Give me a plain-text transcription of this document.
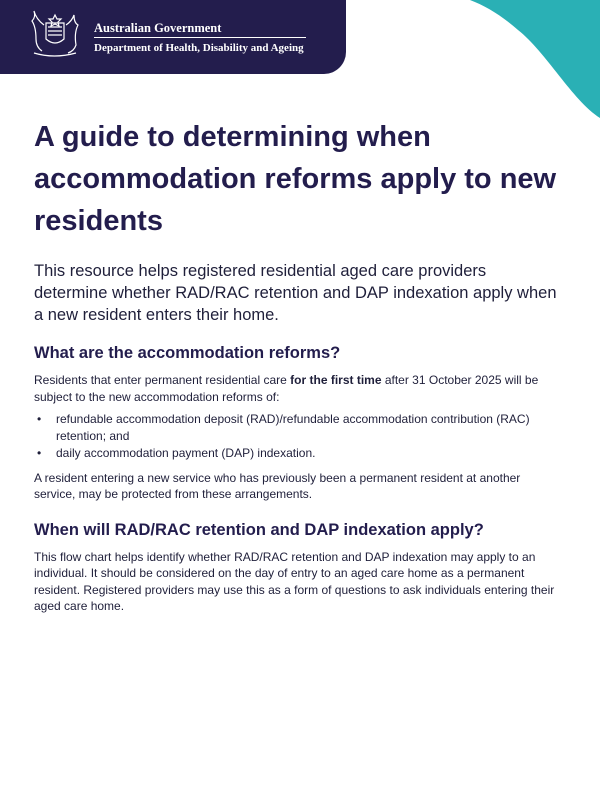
Australian Government
Department of Health, Disability and Ageing
A guide to determining when accommodation reforms apply to new residents

This resource helps registered residential aged care providers determine whether RAD/RAC retention and DAP indexation apply when a new resident enters their home.

What are the accommodation reforms?

Residents that enter permanent residential care for the first time after 31 October 2025 will be subject to the new accommodation reforms of:

• refundable accommodation deposit (RAD)/refundable accommodation contribution (RAC) retention; and
• daily accommodation payment (DAP) indexation.

A resident entering a new service who has previously been a permanent resident at another service, may be protected from these arrangements.

When will RAD/RAC retention and DAP indexation apply?

This flow chart helps identify whether RAD/RAC retention and DAP indexation may apply to an individual. It should be considered on the day of entry to an aged care home as a permanent resident. Registered providers may use this as a form of questions to ask individuals entering their aged care home.
